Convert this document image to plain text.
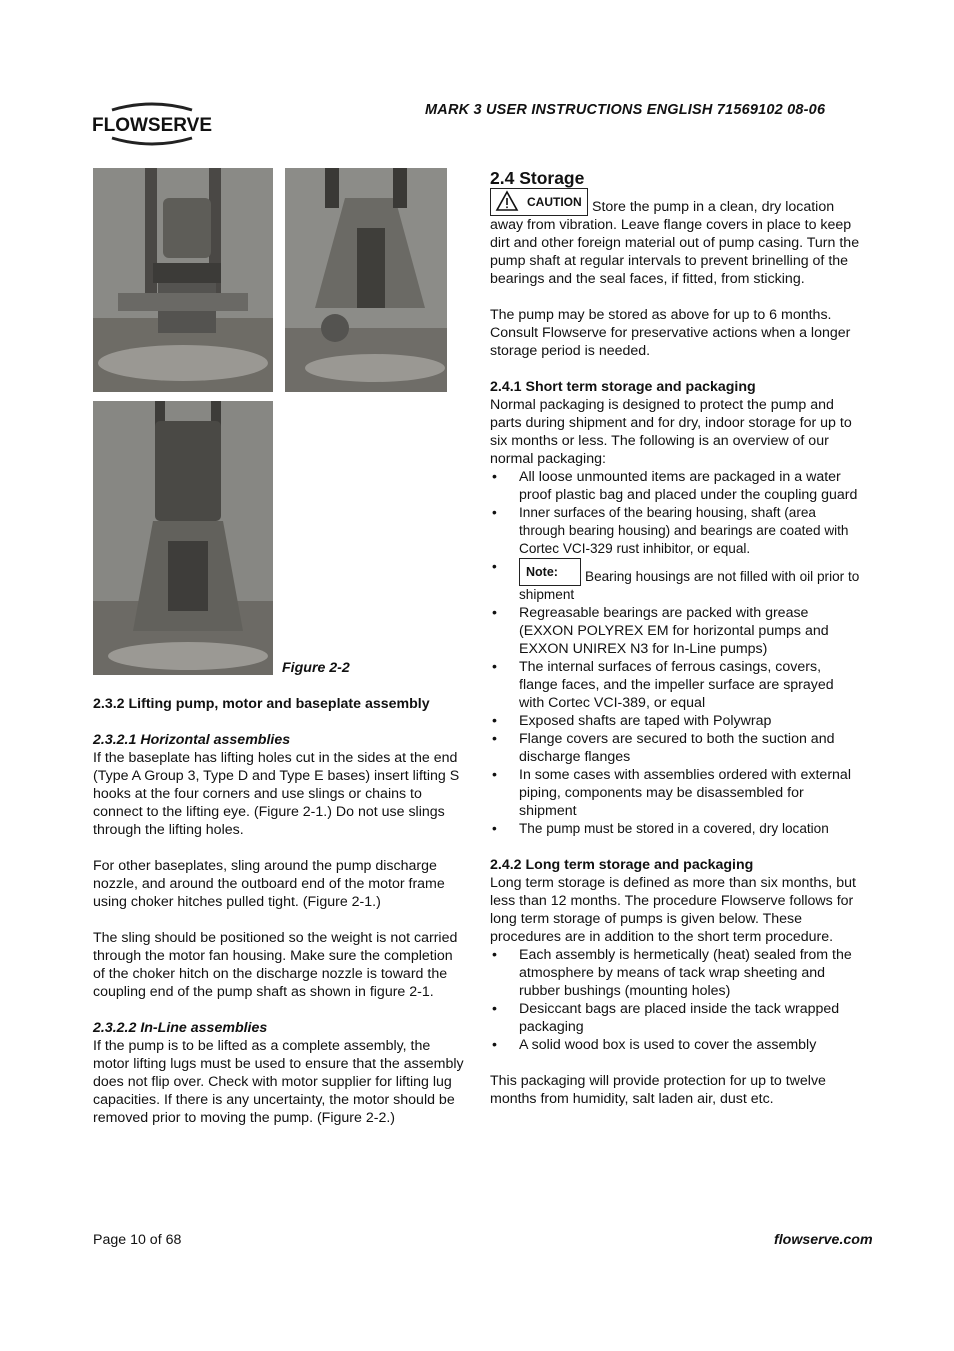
FLOWSERVE
MARK 3 USER INSTRUCTIONS ENGLISH 71569102 08-06
Figure 2-2

2.3.2 Lifting pump, motor and baseplate assembly

2.3.2.1 Horizontal assemblies

If the baseplate has lifting holes cut in the sides at the end (Type A Group 3, Type D and Type E bases) insert lifting S hooks at the four corners and use slings or chains to connect to the lifting eye. (Figure 2-1.) Do not use slings through the lifting holes.

For other baseplates, sling around the pump discharge nozzle, and around the outboard end of the motor frame using choker hitches pulled tight. (Figure 2-1.)

The sling should be positioned so the weight is not carried through the motor fan housing. Make sure the completion of the choker hitch on the discharge nozzle is toward the coupling end of the pump shaft as shown in figure 2-1.

2.3.2.2 In-Line assemblies

If the pump is to be lifted as a complete assembly, the motor lifting lugs must be used to ensure that the assembly does not flip over. Check with motor supplier for lifting lug capacities. If there is any uncertainty, the motor should be removed prior to moving the pump. (Figure 2-2.)

2.4 Storage

CAUTION Store the pump in a clean, dry location away from vibration. Leave flange covers in place to keep dirt and other foreign material out of pump casing. Turn the pump shaft at regular intervals to prevent brinelling of the bearings and the seal faces, if fitted, from sticking.

The pump may be stored as above for up to 6 months. Consult Flowserve for preservative actions when a longer storage period is needed.

2.4.1 Short term storage and packaging

Normal packaging is designed to protect the pump and parts during shipment and for dry, indoor storage for up to six months or less. The following is an overview of our normal packaging:

• All loose unmounted items are packaged in a water proof plastic bag and placed under the coupling guard
• Inner surfaces of the bearing housing, shaft (area through bearing housing) and bearings are coated with Cortec VCI-329 rust inhibitor, or equal.
• Note: Bearing housings are not filled with oil prior to shipment
• Regreasable bearings are packed with grease (EXXON POLYREX EM for horizontal pumps and EXXON UNIREX N3 for In-Line pumps)
• The internal surfaces of ferrous casings, covers, flange faces, and the impeller surface are sprayed with Cortec VCI-389, or equal
• Exposed shafts are taped with Polywrap
• Flange covers are secured to both the suction and discharge flanges
• In some cases with assemblies ordered with external piping, components may be disassembled for shipment
• The pump must be stored in a covered, dry location

2.4.2 Long term storage and packaging

Long term storage is defined as more than six months, but less than 12 months. The procedure Flowserve follows for long term storage of pumps is given below. These procedures are in addition to the short term procedure.

• Each assembly is hermetically (heat) sealed from the atmosphere by means of tack wrap sheeting and rubber bushings (mounting holes)
• Desiccant bags are placed inside the tack wrapped packaging
• A solid wood box is used to cover the assembly

This packaging will provide protection for up to twelve months from humidity, salt laden air, dust etc.

Page 10 of 68	flowserve.com
